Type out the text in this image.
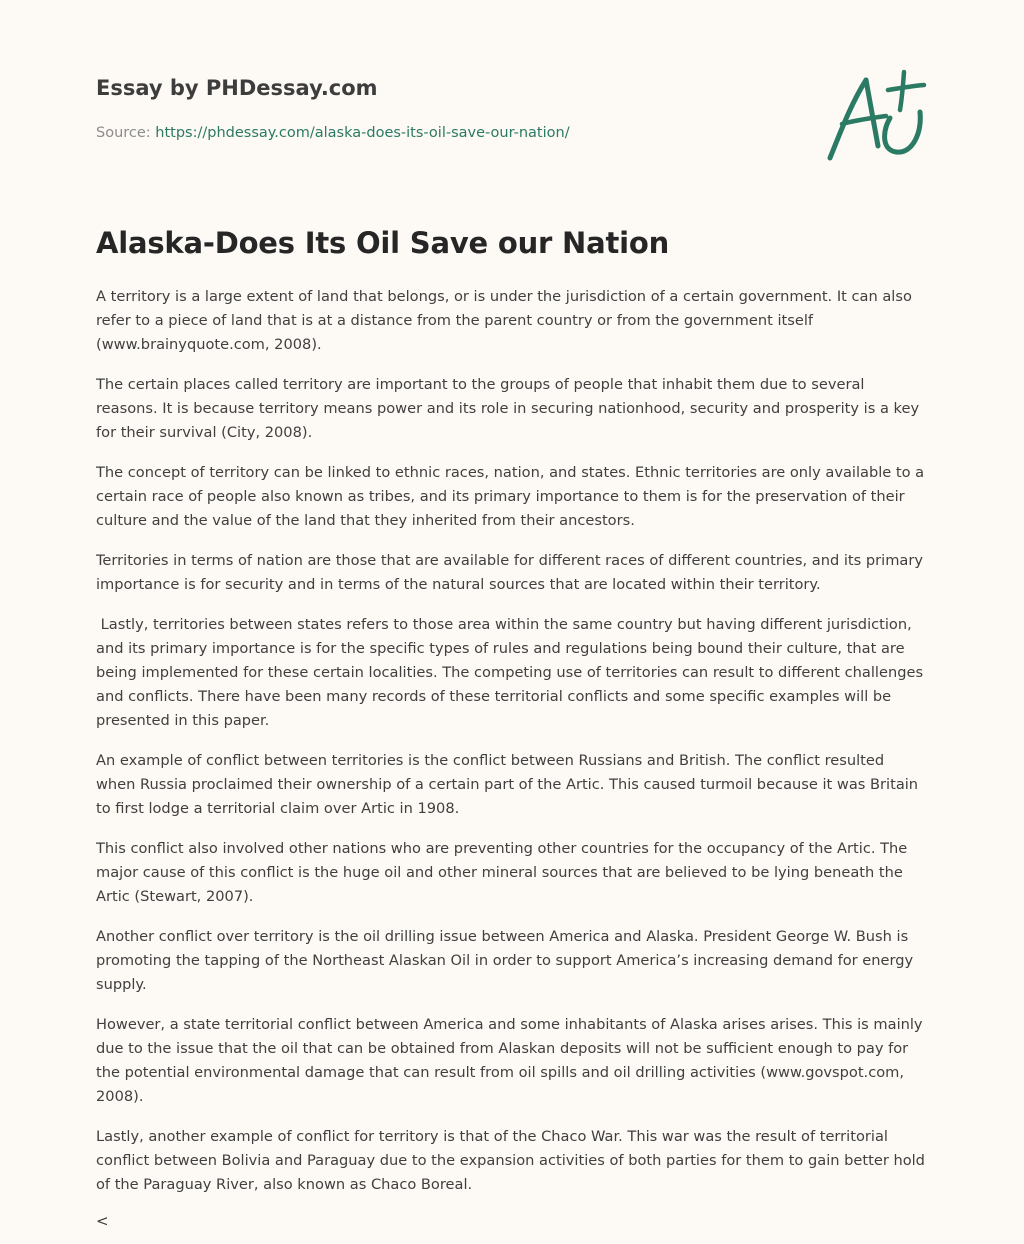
Essay by PHDessay.com

Source: https://phdessay.com/alaska-does-its-oil-save-our-nation/

Alaska-Does Its Oil Save our Nation

A territory is a large extent of land that belongs, or is under the jurisdiction of a certain government. It can also refer to a piece of land that is at a distance from the parent country or from the government itself (www.brainyquote.com, 2008).

The certain places called territory are important to the groups of people that inhabit them due to several reasons. It is because territory means power and its role in securing nationhood, security and prosperity is a key for their survival (City, 2008).

The concept of territory can be linked to ethnic races, nation, and states. Ethnic territories are only available to a certain race of people also known as tribes, and its primary importance to them is for the preservation of their culture and the value of the land that they inherited from their ancestors.

Territories in terms of nation are those that are available for different races of different countries, and its primary importance is for security and in terms of the natural sources that are located within their territory.

Lastly, territories between states refers to those area within the same country but having different jurisdiction, and its primary importance is for the specific types of rules and regulations being bound their culture, that are being implemented for these certain localities. The competing use of territories can result to different challenges and conflicts. There have been many records of these territorial conflicts and some specific examples will be presented in this paper.

An example of conflict between territories is the conflict between Russians and British. The conflict resulted when Russia proclaimed their ownership of a certain part of the Artic. This caused turmoil because it was Britain to first lodge a territorial claim over Artic in 1908.

This conflict also involved other nations who are preventing other countries for the occupancy of the Artic. The major cause of this conflict is the huge oil and other mineral sources that are believed to be lying beneath the Artic (Stewart, 2007).

Another conflict over territory is the oil drilling issue between America and Alaska. President George W. Bush is promoting the tapping of the Northeast Alaskan Oil in order to support America’s increasing demand for energy supply.

However, a state territorial conflict between America and some inhabitants of Alaska arises arises. This is mainly due to the issue that the oil that can be obtained from Alaskan deposits will not be sufficient enough to pay for the potential environmental damage that can result from oil spills and oil drilling activities (www.govspot.com, 2008).

Lastly, another example of conflict for territory is that of the Chaco War. This war was the result of territorial conflict between Bolivia and Paraguay due to the expansion activities of both parties for them to gain better hold of the Paraguay River, also known as Chaco Boreal.

<
